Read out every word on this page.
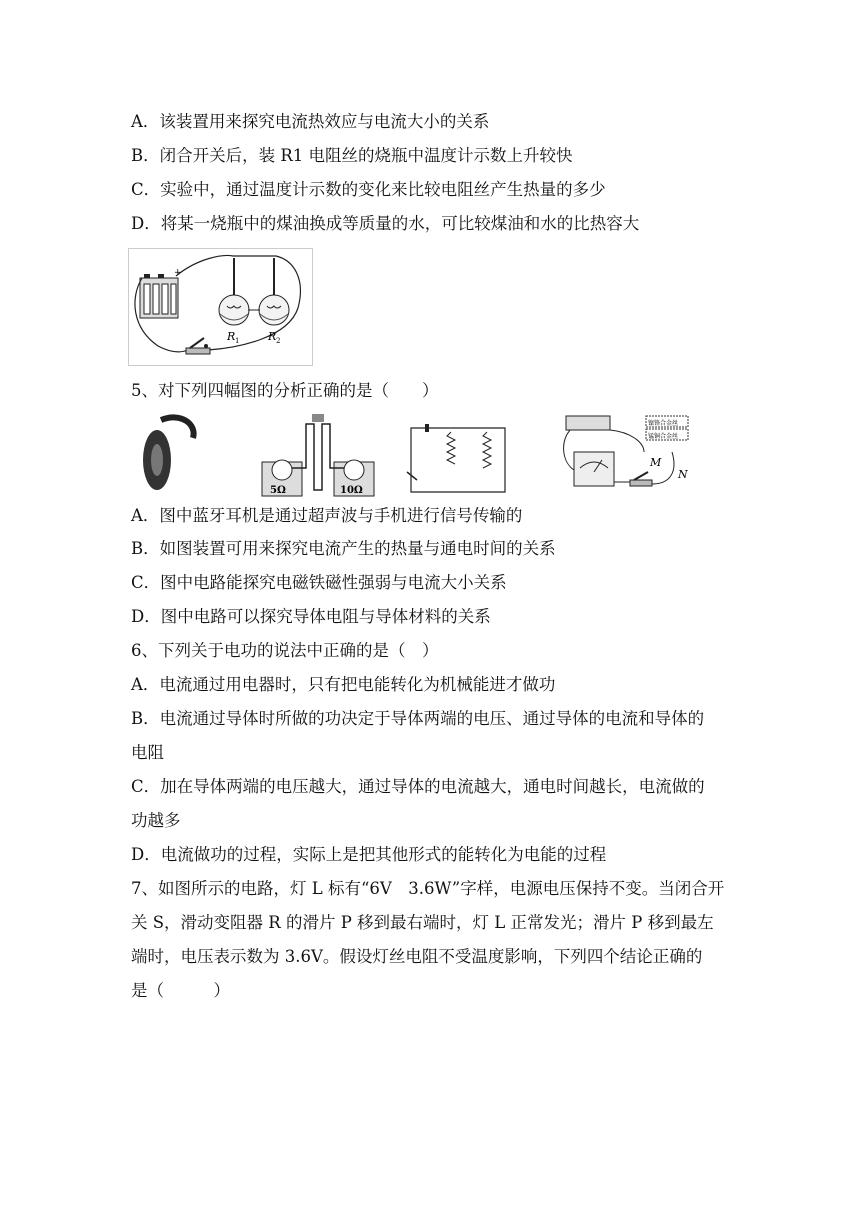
A．该装置用来探究电流热效应与电流大小的关系
B．闭合开关后，装 R1 电阻丝的烧瓶中温度计示数上升较快
C．实验中，通过温度计示数的变化来比较电阻丝产生热量的多少
D．将某一烧瓶中的煤油换成等质量的水，可比较煤油和水的比热容大
+
R 1	R 2
5、对下列四幅图的分析正确的是（　　）
5Ω	10Ω
镍铬合金丝
锰铜合金丝
M
N
A．图中蓝牙耳机是通过超声波与手机进行信号传输的
B．如图装置可用来探究电流产生的热量与通电时间的关系
C．图中电路能探究电磁铁磁性强弱与电流大小关系
D．图中电路可以探究导体电阻与导体材料的关系
6、下列关于电功的说法中正确的是（　）
A．电流通过用电器时，只有把电能转化为机械能进才做功
B．电流通过导体时所做的功决定于导体两端的电压、通过导体的电流和导体的
电阻
C．加在导体两端的电压越大，通过导体的电流越大，通电时间越长，电流做的
功越多
D．电流做功的过程，实际上是把其他形式的能转化为电能的过程
7、如图所示的电路，灯 L 标有“6V　3.6W”字样，电源电压保持不变。当闭合开
关 S，滑动变阻器 R 的滑片 P 移到最右端时，灯 L 正常发光；滑片 P 移到最左
端时，电压表示数为 3.6V。假设灯丝电阻不受温度影响，下列四个结论正确的
是（　　　）
